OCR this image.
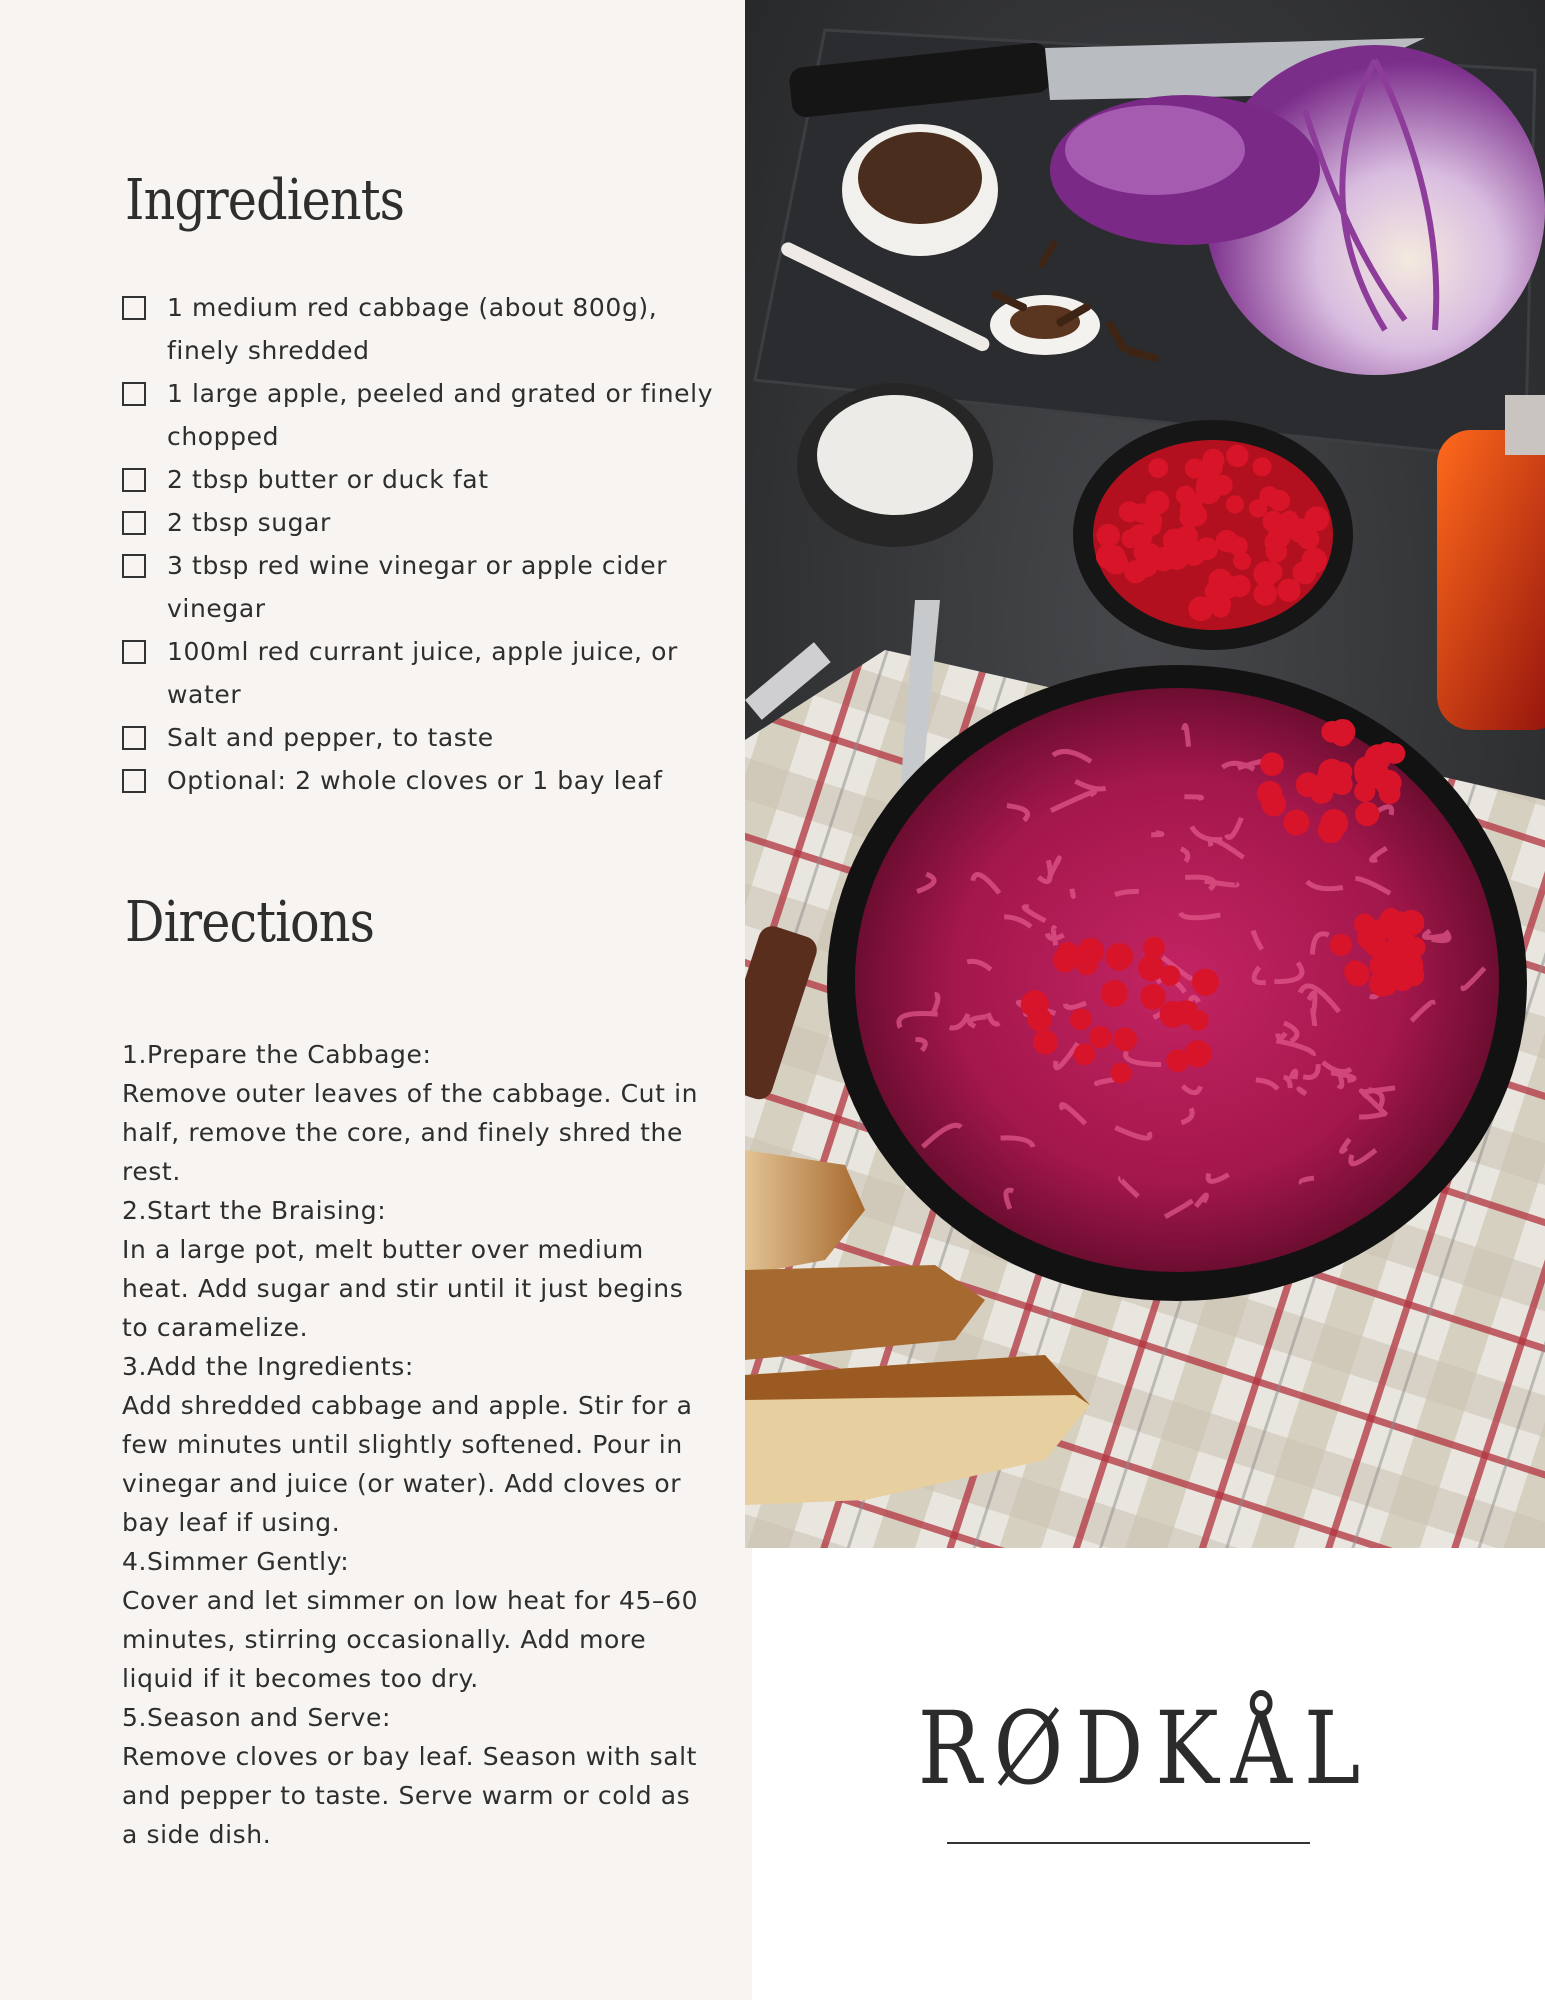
Ingredients
1 medium red cabbage (about 800g), finely shredded
1 large apple, peeled and grated or finely chopped
2 tbsp butter or duck fat
2 tbsp sugar
3 tbsp red wine vinegar or apple cider vinegar
100ml red currant juice, apple juice, or water
Salt and pepper, to taste
Optional: 2 whole cloves or 1 bay leaf
Directions

1.Prepare the Cabbage:

Remove outer leaves of the cabbage. Cut in half, remove the core, and finely shred the rest.

2.Start the Braising:

In a large pot, melt butter over medium heat. Add sugar and stir until it just begins to caramelize.

3.Add the Ingredients:

Add shredded cabbage and apple. Stir for a few minutes until slightly softened. Pour in vinegar and juice (or water). Add cloves or bay leaf if using.

4.Simmer Gently:

Cover and let simmer on low heat for 45–60 minutes, stirring occasionally. Add more liquid if it becomes too dry.

5.Season and Serve:

Remove cloves or bay leaf. Season with salt and pepper to taste. Serve warm or cold as a side dish.

RØDKÅL
